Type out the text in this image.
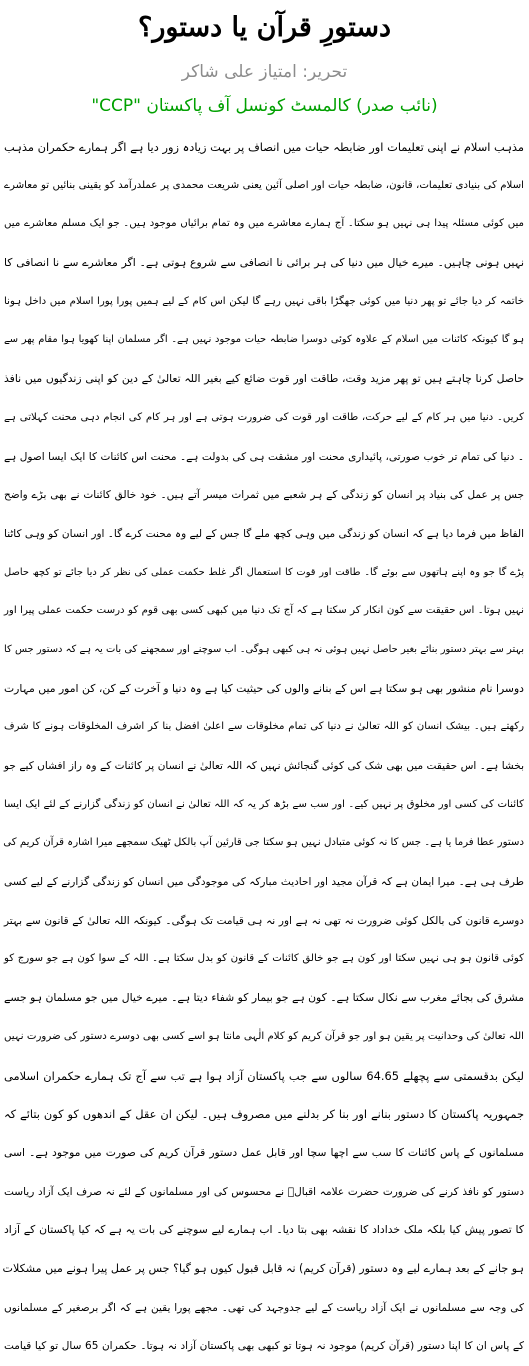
دستورِ قرآن یا دستور؟
تحریر: امتیاز علی شاکر
(نائب صدر) کالمسٹ کونسل آف پاکستان "CCP"
مذہب اسلام نے اپنی تعلیمات اور ضابطہ حیات میں انصاف پر بہت زیادہ زور دیا ہے اگر ہمارے حکمران مذہب
اسلام کی بنیادی تعلیمات، قانون، ضابطہ حیات اور اصلی آئین یعنی شریعت محمدی پر عملدرآمد کو یقینی بنائیں تو معاشرے
میں کوئی مسئلہ پیدا ہی نہیں ہو سکتا۔ آج ہمارے معاشرے میں وہ تمام برائیاں موجود ہیں۔ جو ایک مسلم معاشرے میں
نہیں ہونی چاہیں۔ میرے خیال میں دنیا کی ہر برائی نا انصافی سے شروع ہوتی ہے۔ اگر معاشرے سے نا انصافی کا
خاتمہ کر دیا جائے تو پھر دنیا میں کوئی جھگڑا باقی نہیں رہے گا لیکن اس کام کے لیے ہمیں پورا پورا اسلام میں داخل ہونا
ہو گا کیونکہ کائنات میں اسلام کے علاوہ کوئی دوسرا ضابطہ حیات موجود نہیں ہے۔ اگر مسلمان اپنا کھویا ہوا مقام پھر سے
حاصل کرنا چاہتے ہیں تو پھر مزید وقت، طاقت اور قوت ضائع کیے بغیر اللہ تعالیٰ کے دین کو اپنی زندگیوں میں نافذ
کریں۔ دنیا میں ہر کام کے لیے حرکت، طاقت اور قوت کی ضرورت ہوتی ہے اور ہر کام کی انجام دہی محنت کہلاتی ہے
۔ دنیا کی تمام تر خوب صورتی، پائیداری محنت اور مشقت ہی کی بدولت ہے۔ محنت اس کائنات کا ایک ایسا اصول ہے
جس پر عمل کی بنیاد پر انسان کو زندگی کے ہر شعبے میں ثمرات میسر آتے ہیں۔ خود خالق کائنات نے بھی بڑے واضح
الفاظ میں فرما دیا ہے کہ انسان کو زندگی میں وہی کچھ ملے گا جس کے لیے وہ محنت کرے گا۔ اور انسان کو وہی کاٹنا
پڑے گا جو وہ اپنے ہاتھوں سے بوئے گا۔ طاقت اور قوت کا استعمال اگر غلط حکمت عملی کی نظر کر دیا جائے تو کچھ حاصل
نہیں ہوتا۔ اس حقیقت سے کون انکار کر سکتا ہے کہ آج تک دنیا میں کبھی کسی بھی قوم کو درست حکمت عملی پیرا اور
بہتر سے بہتر دستور بنائے بغیر حاصل نہیں ہوئی نہ ہی کبھی ہوگی۔ اب سوچنے اور سمجھنے کی بات یہ ہے کہ دستور جس کا
دوسرا نام منشور بھی ہو سکتا ہے اس کے بنانے والوں کی حیثیت کیا ہے وہ دنیا و آخرت کے کن، کن امور میں مہارت
رکھتے ہیں۔ بیشک انسان کو اللہ تعالیٰ نے دنیا کی تمام مخلوقات سے اعلیٰ افضل بنا کر اشرف المخلوقات ہونے کا شرف
بخشا ہے۔ اس حقیقت میں بھی شک کی کوئی گنجائش نہیں کہ اللہ تعالیٰ نے انسان پر کائنات کے وہ راز افشاں کیے جو
کائنات کی کسی اور مخلوق پر نہیں کیے۔ اور سب سے بڑھ کر یہ کہ اللہ تعالیٰ نے انسان کو زندگی گزارنے کے لئے ایک ایسا
دستور عطا فرما یا ہے۔ جس کا نہ کوئی متبادل نہیں ہو سکتا جی قارئین آپ بالکل ٹھیک سمجھے میرا اشارہ قرآن کریم کی
طرف ہی ہے۔ میرا ایمان ہے کہ قرآن مجید اور احادیث مبارکہ کی موجودگی میں انسان کو زندگی گزارنے کے لیے کسی
دوسرے قانون کی بالکل کوئی ضرورت نہ تھی نہ ہے اور نہ ہی قیامت تک ہوگی۔ کیونکہ اللہ تعالیٰ کے قانون سے بہتر
کوئی قانون ہو ہی نہیں سکتا اور کون ہے جو خالق کائنات کے قانون کو بدل سکتا ہے۔ اللہ کے سوا کون ہے جو سورج کو
مشرق کی بجائے مغرب سے نکال سکتا ہے۔ کون ہے جو بیمار کو شفاء دیتا ہے۔ میرے خیال میں جو مسلمان ہو جسے
اللہ تعالیٰ کی وحدانیت پر یقین ہو اور جو قرآن کریم کو کلام الٰہی مانتا ہو اسے کسی بھی دوسرے دستور کی ضرورت نہیں
لیکن بدقسمتی سے پچھلے 64.65 سالوں سے جب پاکستان آزاد ہوا ہے تب سے آج تک ہمارے حکمران اسلامی
جمہوریہ پاکستان کا دستور بنانے اور بنا کر بدلنے میں مصروف ہیں۔ لیکن ان عقل کے اندھوں کو کون بتائے کہ
مسلمانوں کے پاس کائنات کا سب سے اچھا سچا اور قابل عمل دستور قرآن کریم کی صورت میں موجود ہے۔ اسی
دستور کو نافذ کرنے کی ضرورت حضرت علامہ اقبالؒ نے محسوس کی اور مسلمانوں کے لئے نہ صرف ایک آزاد ریاست
کا تصور پیش کیا بلکہ ملک خداداد کا نقشہ بھی بتا دیا۔ اب ہمارے لیے سوچنے کی بات یہ ہے کہ کیا پاکستان کے آزاد
ہو جانے کے بعد ہمارے لیے وہ دستور (قرآن کریم) نہ قابل قبول کیوں ہو گیا؟ جس پر عمل پیرا ہونے میں مشکلات
کی وجہ سے مسلمانوں نے ایک آزاد ریاست کے لیے جدوجہد کی تھی۔ مجھے پورا یقین ہے کہ اگر برصغیر کے مسلمانوں
کے پاس ان کا اپنا دستور (قرآن کریم) موجود نہ ہوتا تو کبھی بھی پاکستان آزاد نہ ہوتا۔ حکمران 65 سال تو کیا قیامت
